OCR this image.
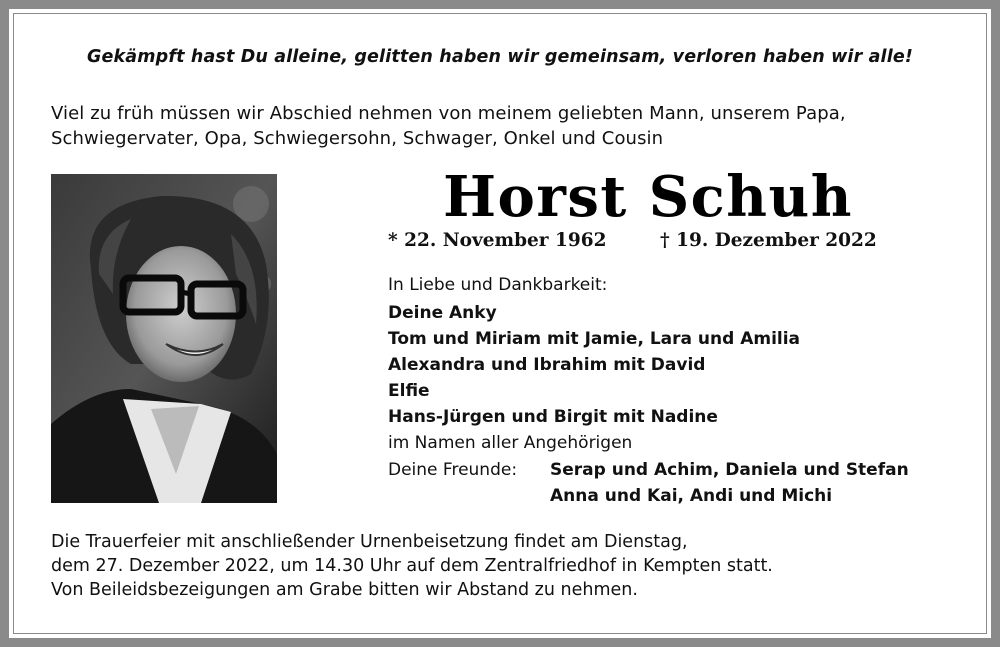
Gekämpft hast Du alleine, gelitten haben wir gemeinsam, verloren haben wir alle!
Viel zu früh müssen wir Abschied nehmen von meinem geliebten Mann, unserem Papa,
Schwiegervater, Opa, Schwiegersohn, Schwager, Onkel und Cousin
Horst Schuh
* 22. November 1962	† 19. Dezember 2022
In Liebe und Dankbarkeit:
Deine Anky
Tom und Miriam mit Jamie, Lara und Amilia
Alexandra und Ibrahim mit David
Elfie
Hans-Jürgen und Birgit mit Nadine
im Namen aller Angehörigen
Deine Freunde: Serap und Achim, Daniela und Stefan
Anna und Kai, Andi und Michi
Die Trauerfeier mit anschließender Urnenbeisetzung findet am Dienstag,
dem 27. Dezember 2022, um 14.30 Uhr auf dem Zentralfriedhof in Kempten statt.
Von Beileidsbezeigungen am Grabe bitten wir Abstand zu nehmen.
